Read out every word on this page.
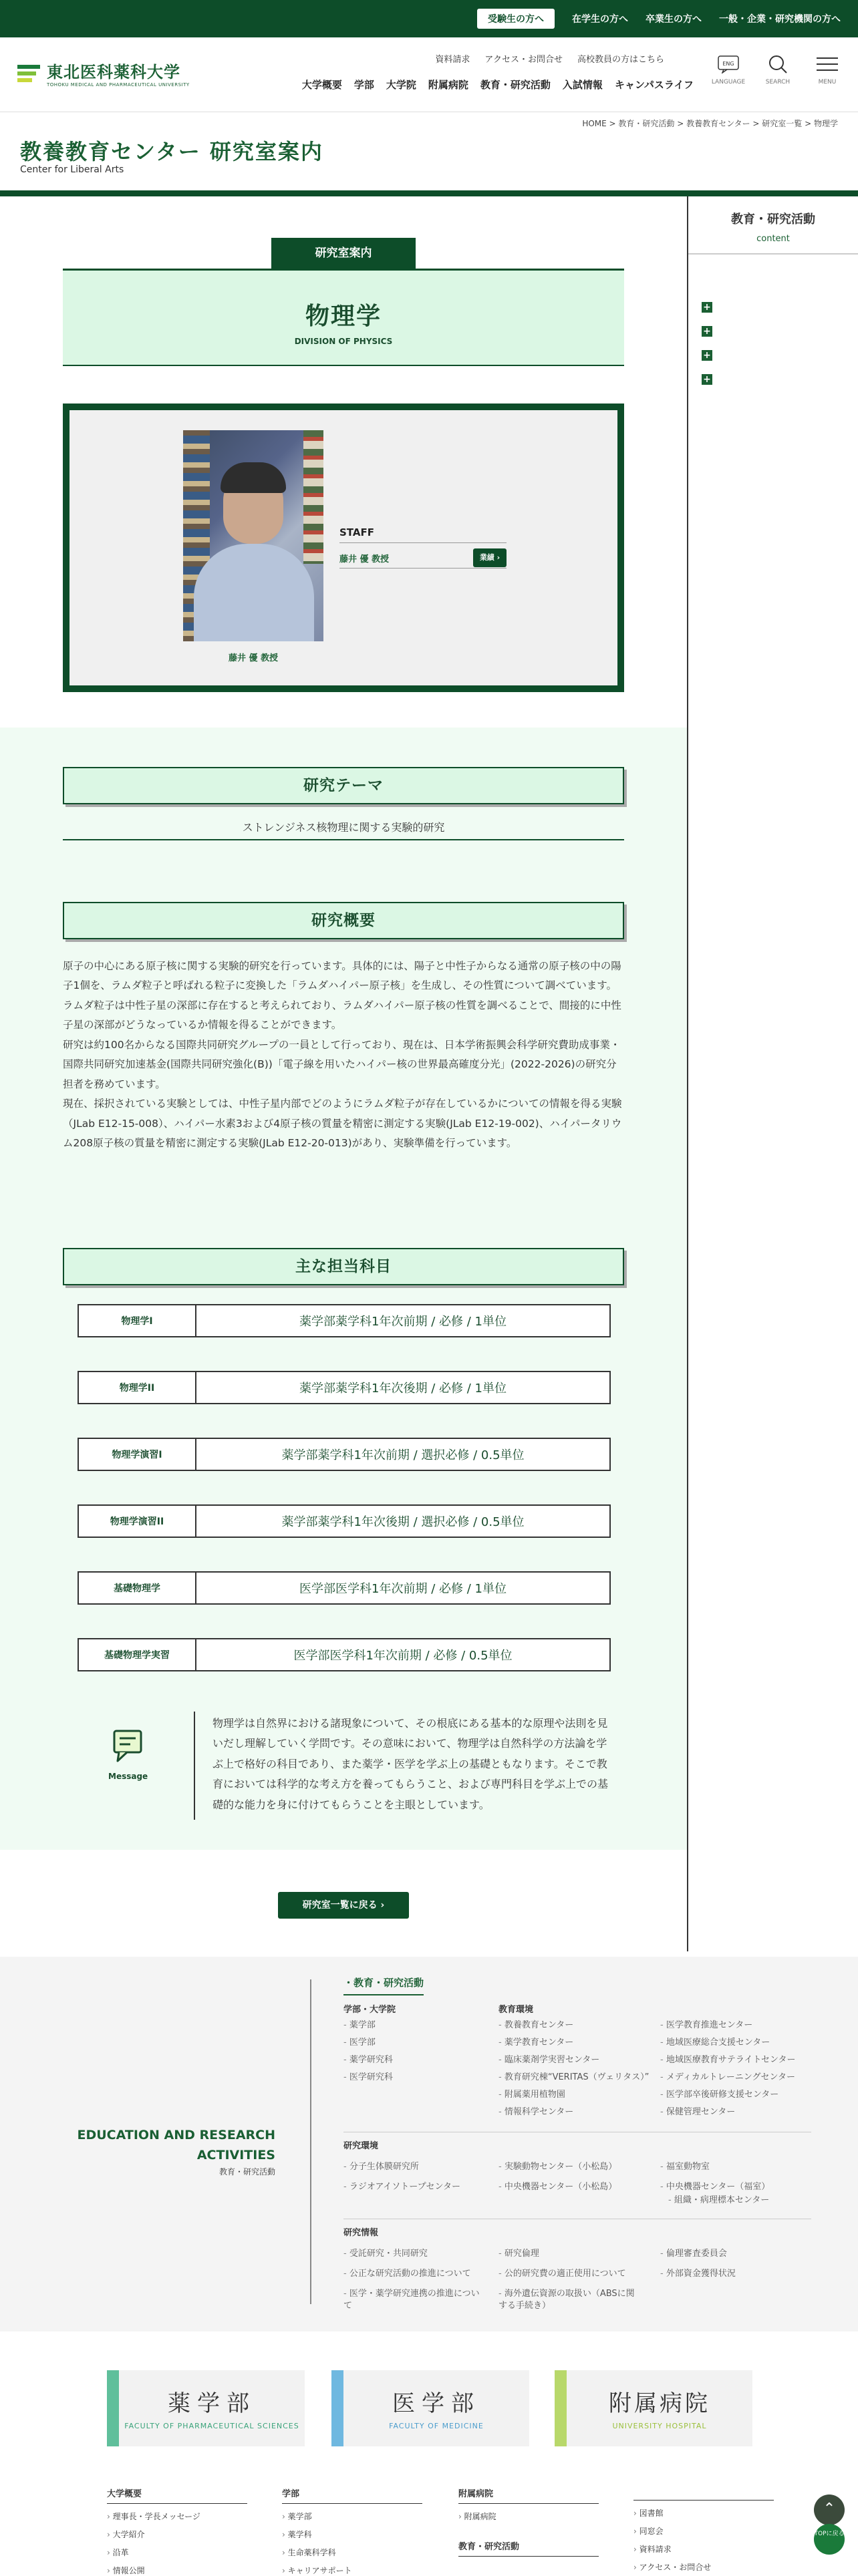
受験生の方へ	在学生の方へ 卒業生の方へ 一般・企業・研究機関の方へ
東北医科薬科大学
TOHOKU MEDICAL AND PHARMACEUTICAL UNIVERSITY
資料請求 アクセス・お問合せ 高校教員の方はこちら
大学概要 学部 大学院 附属病院 教育・研究活動 入試情報 キャンパスライフ
ENG
LANGUAGE	SEARCH	MENU
HOME > 教育・研究活動 > 教養教育センター > 研究室一覧 > 物理学
教養教育センター 研究室案内
Center for Liberal Arts
研究室案内
物理学
DIVISION OF PHYSICS
藤井 優 教授
STAFF
藤井 優 教授	業績 ›
教育・研究活動
content
+
+
+
+
研究テーマ
ストレンジネス核物理に関する実験的研究
研究概要

原子の中心にある原子核に関する実験的研究を行っています。具体的には、陽子と中性子からなる通常の原子核の中の陽子1個を、ラムダ粒子と呼ばれる粒子に変換した「ラムダハイパー原子核」を生成し、その性質について調べています。

ラムダ粒子は中性子星の深部に存在すると考えられており、ラムダハイパー原子核の性質を調べることで、間接的に中性子星の深部がどうなっているか情報を得ることができます。

研究は約100名からなる国際共同研究グループの一員として行っており、現在は、日本学術振興会科学研究費助成事業・国際共同研究加速基金(国際共同研究強化(B))「電子線を用いたハイパー核の世界最高確度分光」(2022-2026)の研究分担者を務めています。

現在、採択されている実験としては、中性子星内部でどのようにラムダ粒子が存在しているかについての情報を得る実験（JLab E12-15-008）、ハイパー水素3および4原子核の質量を精密に測定する実験(JLab E12-19-002)、ハイパータリウム208原子核の質量を精密に測定する実験(JLab E12-20-013)があり、実験準備を行っています。

主な担当科目
物理学I	薬学部薬学科1年次前期 / 必修 / 1単位
物理学II	薬学部薬学科1年次後期 / 必修 / 1単位
物理学演習I	薬学部薬学科1年次前期 / 選択必修 / 0.5単位
物理学演習II	薬学部薬学科1年次後期 / 選択必修 / 0.5単位
基礎物理学	医学部医学科1年次前期 / 必修 / 1単位
基礎物理学実習	医学部医学科1年次前期 / 必修 / 0.5単位
Message
物理学は自然界における諸現象について、その根底にある基本的な原理や法則を見いだし理解していく学問です。その意味において、物理学は自然科学の方法論を学ぶ上で格好の科目であり、また薬学・医学を学ぶ上の基礎ともなります。そこで教育においては科学的な考え方を養ってもらうこと、および専門科目を学ぶ上での基礎的な能力を身に付けてもらうことを主眼としています。
研究室一覧に戻る ›
EDUCATION AND RESEARCH
ACTIVITIES
教育・研究活動
・教育・研究活動
学部・大学院
- 薬学部
- 医学部
- 薬学研究科
- 医学研究科
教育環境
- 教養教育センター
- 薬学教育センター
- 臨床薬剤学実習センター
- 教育研究棟“VERITAS（ヴェリタス）”
- 附属薬用植物園
- 情報科学センター
- 医学教育推進センター
- 地域医療総合支援センター
- 地域医療教育サテライトセンター
- メディカルトレーニングセンター
- 医学部卒後研修支援センター
- 保健管理センター
研究環境
- 分子生体膜研究所
- ラジオアイソトープセンター
- 実験動物センター（小松島）
- 中央機器センター（小松島）
- 福室動物室
- 中央機器センター（福室）
- 組織・病理標本センター
研究情報
- 受託研究・共同研究
- 公正な研究活動の推進について
- 医学・薬学研究連携の推進について
- 研究倫理
- 公的研究費の適正使用について
- 海外遺伝資源の取扱い（ABSに関する手続き）
- 倫理審査委員会
- 外部資金獲得状況
薬学部
FACULTY OF PHARMACEUTICAL SCIENCES
医学部
FACULTY OF MEDICINE
附属病院
UNIVERSITY HOSPITAL
大学概要
› 理事長・学長メッセージ
› 大学紹介
› 沿革
› 情報公開
学部
› 薬学部
› 薬学科
› 生命薬科学科
› キャリアサポート
附属病院
› 附属病院
教育・研究活動
› 図書館
› 同窓会
› 資料請求
› アクセス・お問合せ
⌃
TOPに戻る
